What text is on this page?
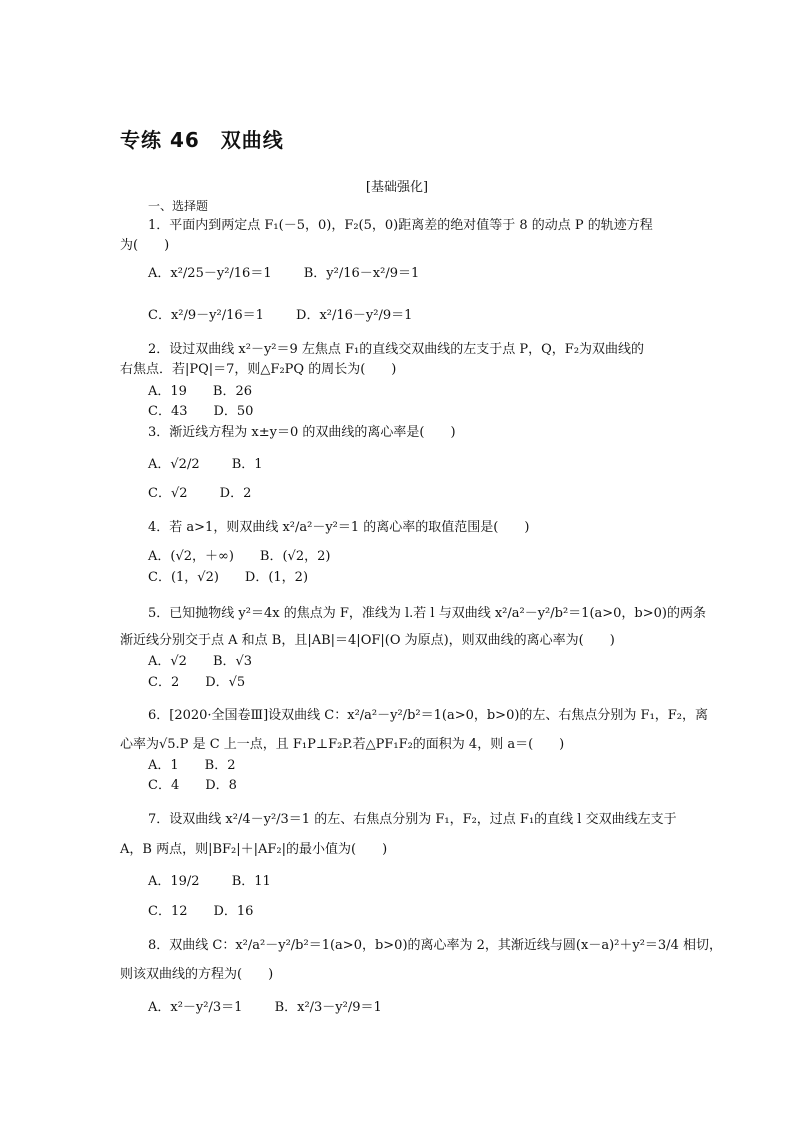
专练 46　双曲线
[基础强化]
一、选择题
1．平面内到两定点 F₁(－5，0)，F₂(5，0)距离差的绝对值等于 8 的动点 P 的轨迹方程
为(　　)
A．x²/25－y²/16＝1 B．y²/16－x²/9＝1
C．x²/9－y²/16＝1 D．x²/16－y²/9＝1
2．设过双曲线 x²－y²＝9 左焦点 F₁的直线交双曲线的左支于点 P，Q，F₂为双曲线的
右焦点．若|PQ|＝7，则△F₂PQ 的周长为(　　)
A．19　　B．26
C．43　　D．50
3．渐近线方程为 x±y＝0 的双曲线的离心率是(　　)
A．√2/2 B．1
C．√2 D．2
4．若 a>1，则双曲线 x²/a²－y²＝1 的离心率的取值范围是(　　)
A．(√2，＋∞)　　B．(√2，2)
C．(1，√2)　　D．(1，2)
5．已知抛物线 y²＝4x 的焦点为 F，准线为 l.若 l 与双曲线 x²/a²－y²/b²＝1(a>0，b>0)的两条
渐近线分别交于点 A 和点 B，且|AB|＝4|OF|(O 为原点)，则双曲线的离心率为(　　)
A．√2　　B．√3
C．2　　D．√5
6．[2020·全国卷Ⅲ]设双曲线 C：x²/a²－y²/b²＝1(a>0，b>0)的左、右焦点分别为 F₁，F₂，离
心率为√5.P 是 C 上一点，且 F₁P⊥F₂P.若△PF₁F₂的面积为 4，则 a＝(　　)
A．1　　B．2
C．4　　D．8
7．设双曲线 x²/4－y²/3＝1 的左、右焦点分别为 F₁，F₂，过点 F₁的直线 l 交双曲线左支于
A，B 两点，则|BF₂|＋|AF₂|的最小值为(　　)
A．19/2 B．11
C．12　　D．16
8．双曲线 C：x²/a²－y²/b²＝1(a>0，b>0)的离心率为 2，其渐近线与圆(x－a)²＋y²＝3/4 相切，
则该双曲线的方程为(　　)
A．x²－y²/3＝1 B．x²/3－y²/9＝1
